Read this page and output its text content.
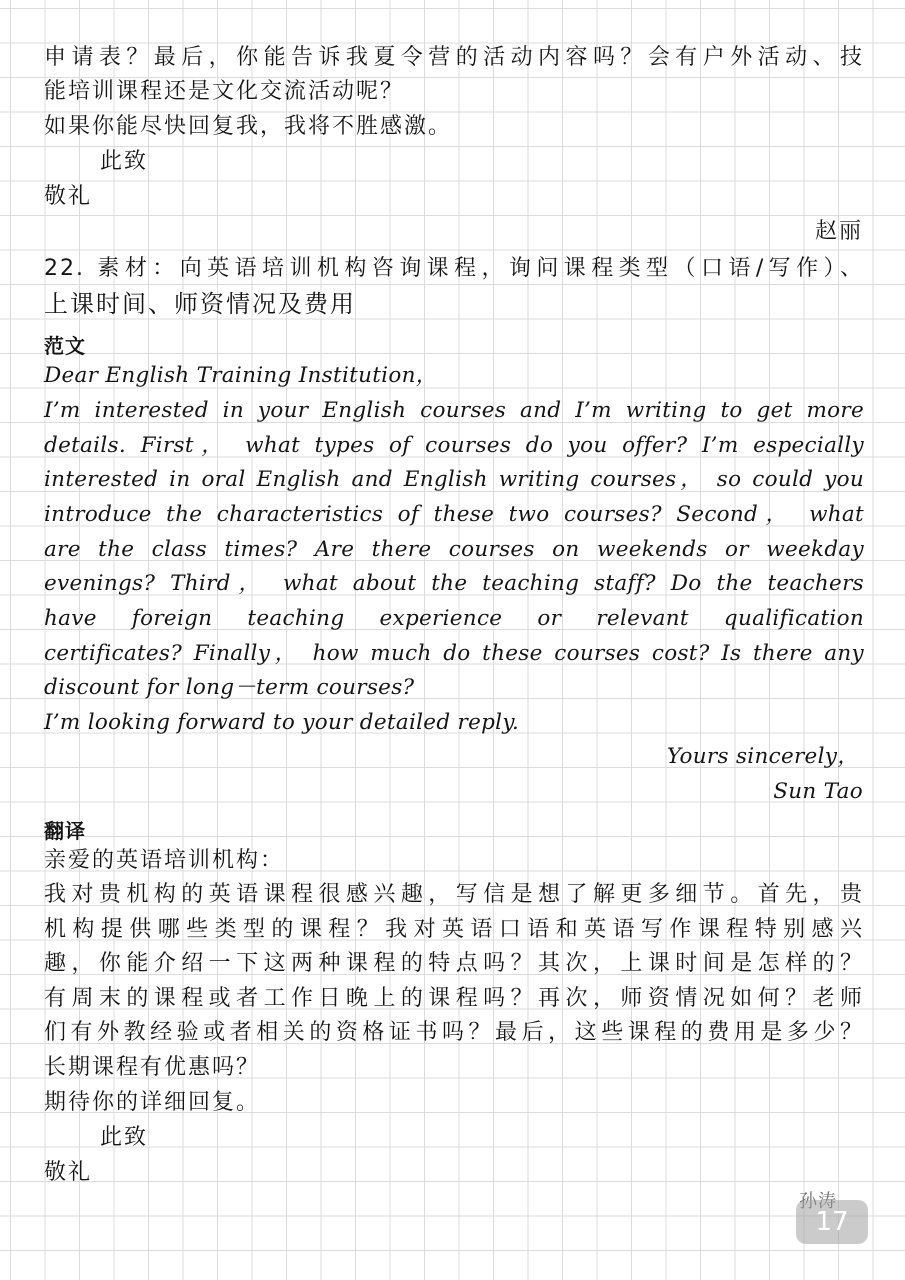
申请表？最后，你能告诉我夏令营的活动内容吗？会有户外活动、技
能培训课程还是文化交流活动呢？
如果你能尽快回复我，我将不胜感激。
此致
敬礼
赵丽
22. 素材：向英语培训机构咨询课程，询问课程类型（口语/写作）、
上课时间、师资情况及费用
范文
Dear English Training Institution，
I’m interested in your English courses and I’m writing to get more
details. First， what types of courses do you offer? I’m especially
interested in oral English and English writing courses， so could you
introduce the characteristics of these two courses? Second， what
are the class times? Are there courses on weekends or weekday
evenings? Third， what about the teaching staff? Do the teachers
have foreign teaching experience or relevant qualification
certificates? Finally， how much do these courses cost? Is there any
discount for long－term courses?
I’m looking forward to your detailed reply.
Yours sincerely，
Sun Tao
翻译
亲爱的英语培训机构：
我对贵机构的英语课程很感兴趣，写信是想了解更多细节。首先，贵
机构提供哪些类型的课程？我对英语口语和英语写作课程特别感兴
趣，你能介绍一下这两种课程的特点吗？其次，上课时间是怎样的？
有周末的课程或者工作日晚上的课程吗？再次，师资情况如何？老师
们有外教经验或者相关的资格证书吗？最后，这些课程的费用是多少？
长期课程有优惠吗？
期待你的详细回复。
此致
敬礼
17
